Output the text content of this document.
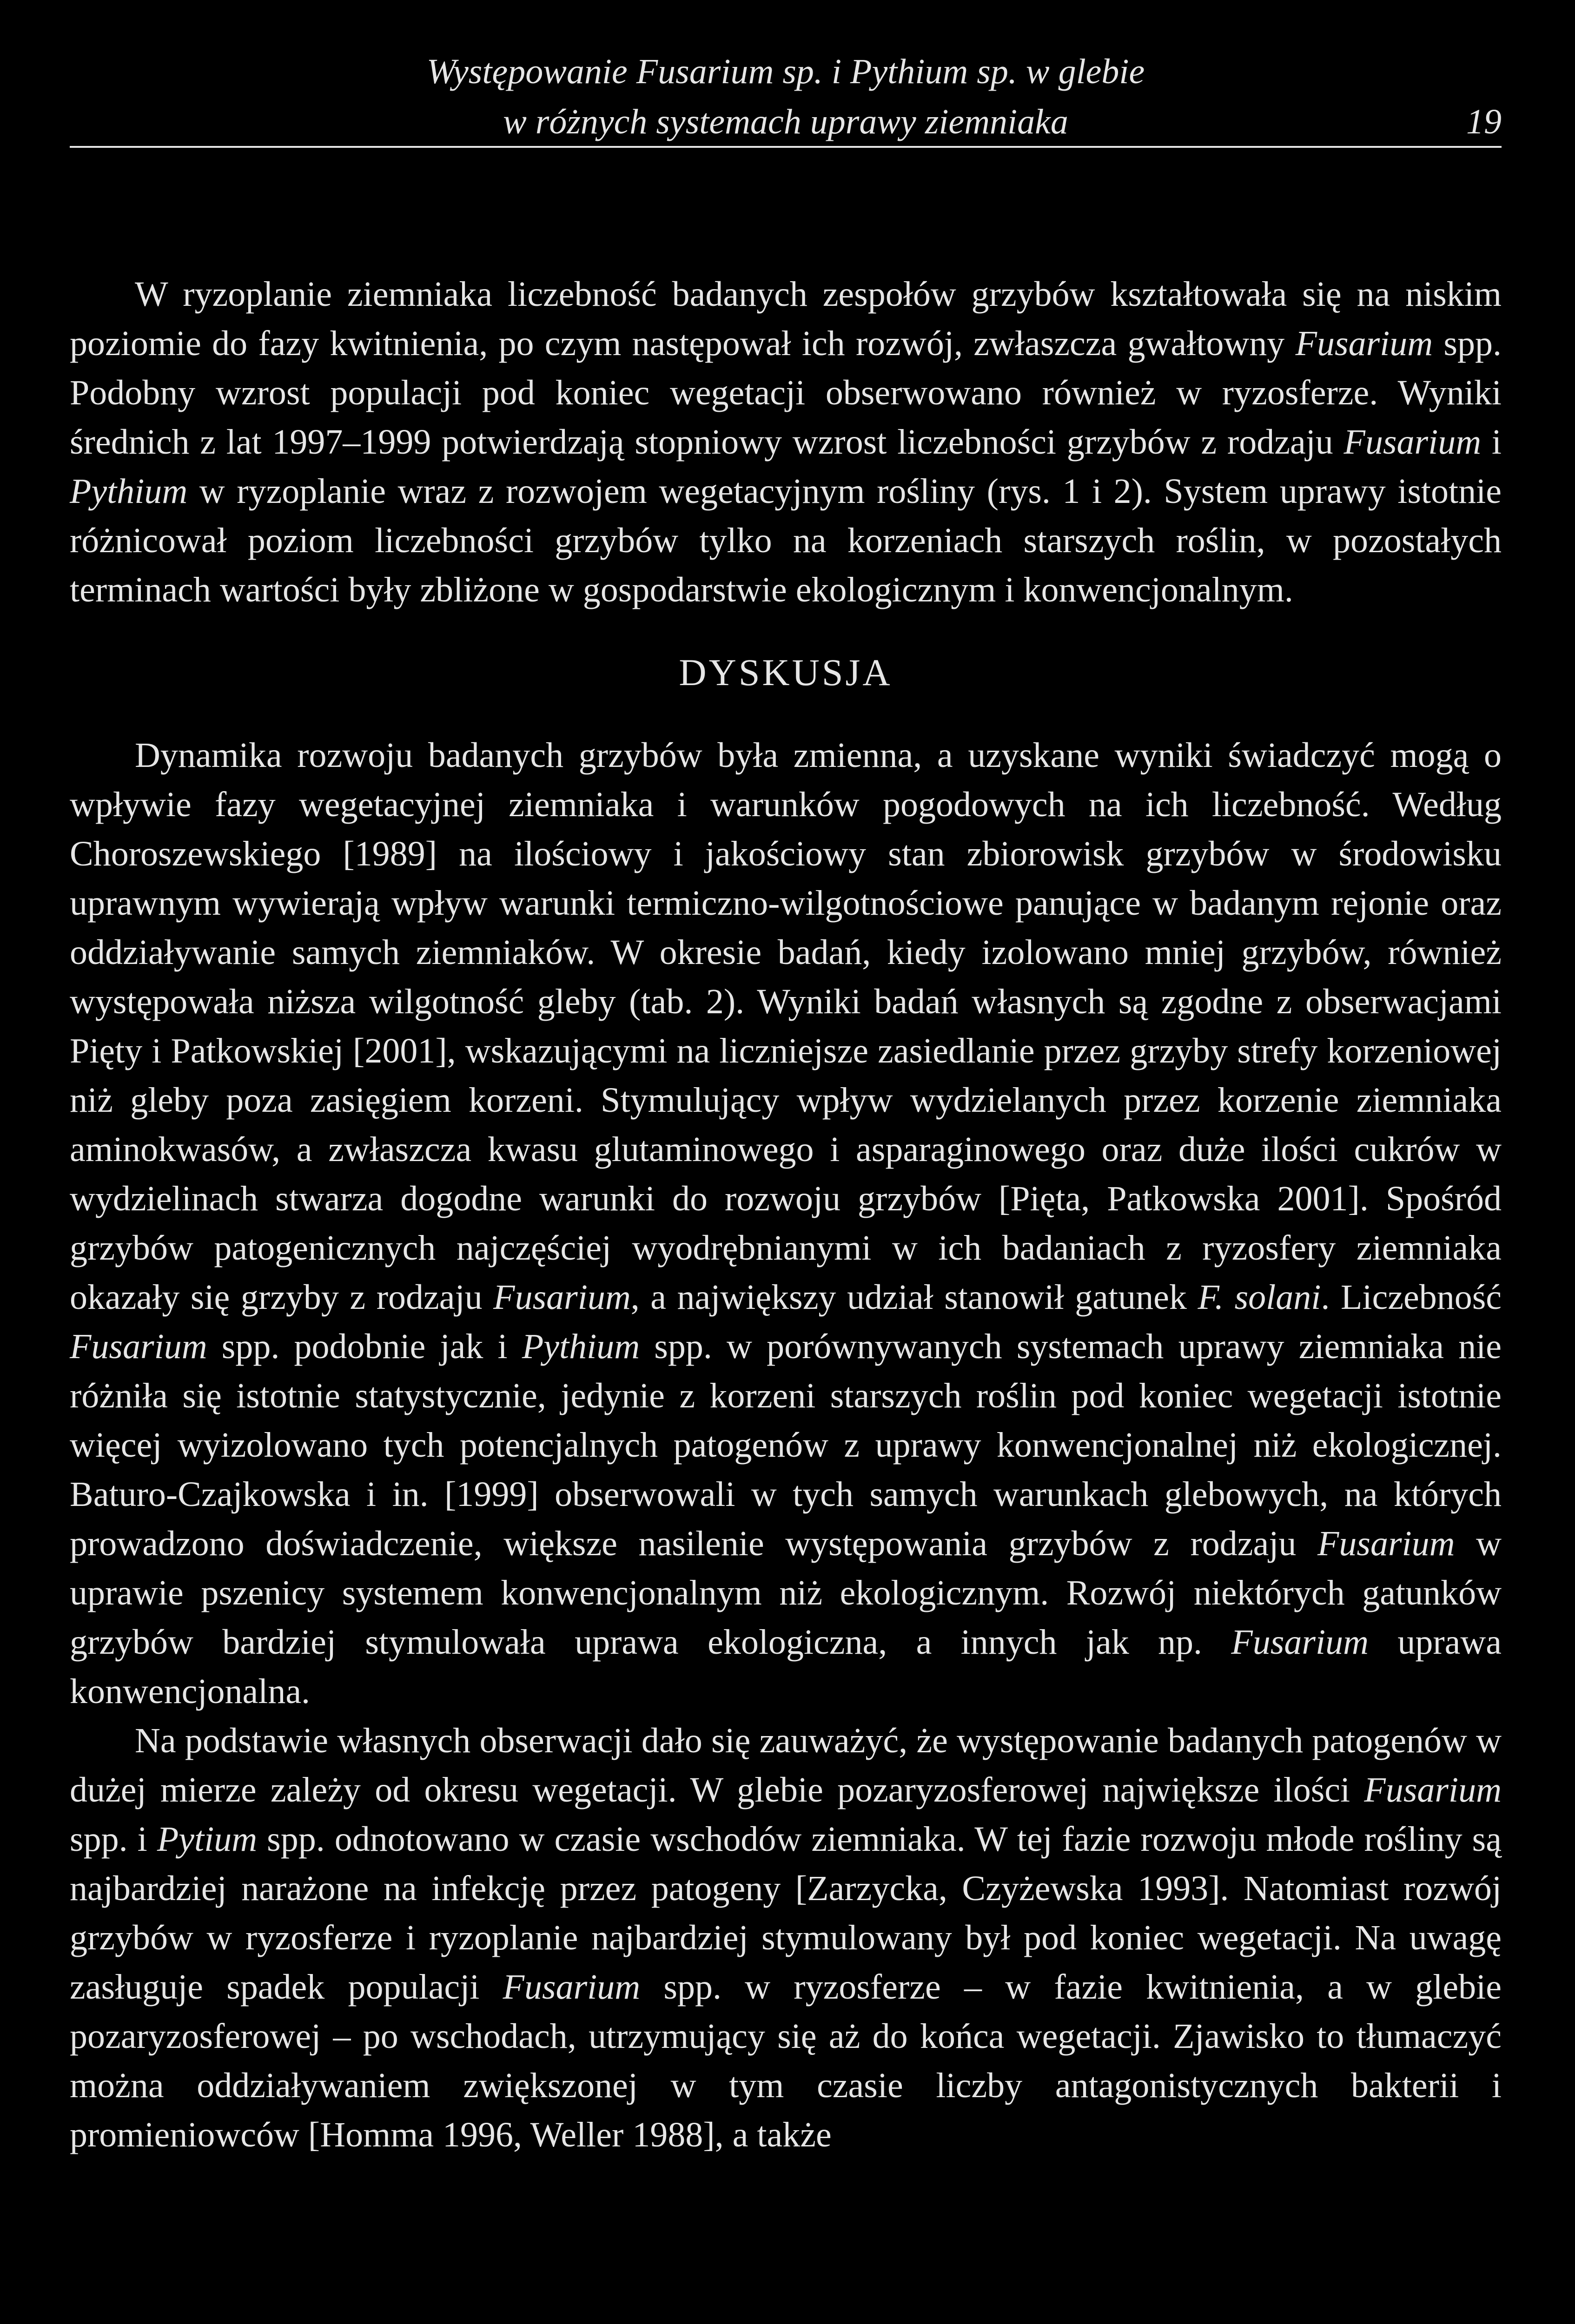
Występowanie Fusarium sp. i Pythium sp. w glebie
w różnych systemach uprawy ziemniaka	19

W ryzoplanie ziemniaka liczebność badanych zespołów grzybów kształtowała się na niskim poziomie do fazy kwitnienia, po czym następował ich rozwój, zwłaszcza gwałtowny Fusarium spp. Podobny wzrost populacji pod koniec wegetacji obserwowano również w ryzosferze. Wyniki średnich z lat 1997–1999 potwierdzają stopniowy wzrost liczebności grzybów z rodzaju Fusarium i Pythium w ryzoplanie wraz z rozwojem wegetacyjnym rośliny (rys. 1 i 2). System uprawy istotnie różnicował poziom liczebności grzybów tylko na korzeniach starszych roślin, w pozostałych terminach wartości były zbliżone w gospodarstwie ekologicznym i konwencjonalnym.

DYSKUSJA

Dynamika rozwoju badanych grzybów była zmienna, a uzyskane wyniki świadczyć mogą o wpływie fazy wegetacyjnej ziemniaka i warunków pogodowych na ich liczebność. Według Choroszewskiego [1989] na ilościowy i jakościowy stan zbiorowisk grzybów w środowisku uprawnym wywierają wpływ warunki termiczno-wilgotnościowe panujące w badanym rejonie oraz oddziaływanie samych ziemniaków. W okresie badań, kiedy izolowano mniej grzybów, również występowała niższa wilgotność gleby (tab. 2). Wyniki badań własnych są zgodne z obserwacjami Pięty i Patkowskiej [2001], wskazującymi na liczniejsze zasiedlanie przez grzyby strefy korzeniowej niż gleby poza zasięgiem korzeni. Stymulujący wpływ wydzielanych przez korzenie ziemniaka aminokwasów, a zwłaszcza kwasu glutaminowego i asparaginowego oraz duże ilości cukrów w wydzielinach stwarza dogodne warunki do rozwoju grzybów [Pięta, Patkowska 2001]. Spośród grzybów patogenicznych najczęściej wyodrębnianymi w ich badaniach z ryzosfery ziemniaka okazały się grzyby z rodzaju Fusarium, a największy udział stanowił gatunek F. solani. Liczebność Fusarium spp. podobnie jak i Pythium spp. w porównywanych systemach uprawy ziemniaka nie różniła się istotnie statystycznie, jedynie z korzeni starszych roślin pod koniec wegetacji istotnie więcej wyizolowano tych potencjalnych patogenów z uprawy konwencjonalnej niż ekologicznej. Baturo-Czajkowska i in. [1999] obserwowali w tych samych warunkach glebowych, na których prowadzono doświadczenie, większe nasilenie występowania grzybów z rodzaju Fusarium w uprawie pszenicy systemem konwencjonalnym niż ekologicznym. Rozwój niektórych gatunków grzybów bardziej stymulowała uprawa ekologiczna, a innych jak np. Fusarium uprawa konwencjonalna.

Na podstawie własnych obserwacji dało się zauważyć, że występowanie badanych patogenów w dużej mierze zależy od okresu wegetacji. W glebie pozaryzosferowej największe ilości Fusarium spp. i Pytium spp. odnotowano w czasie wschodów ziemniaka. W tej fazie rozwoju młode rośliny są najbardziej narażone na infekcję przez patogeny [Zarzycka, Czyżewska 1993]. Natomiast rozwój grzybów w ryzosferze i ryzoplanie najbardziej stymulowany był pod koniec wegetacji. Na uwagę zasługuje spadek populacji Fusarium spp. w ryzosferze – w fazie kwitnienia, a w glebie pozaryzosferowej – po wschodach, utrzymujący się aż do końca wegetacji. Zjawisko to tłumaczyć można oddziaływaniem zwiększonej w tym czasie liczby antagonistycznych bakterii i promieniowców [Homma 1996, Weller 1988], a także
